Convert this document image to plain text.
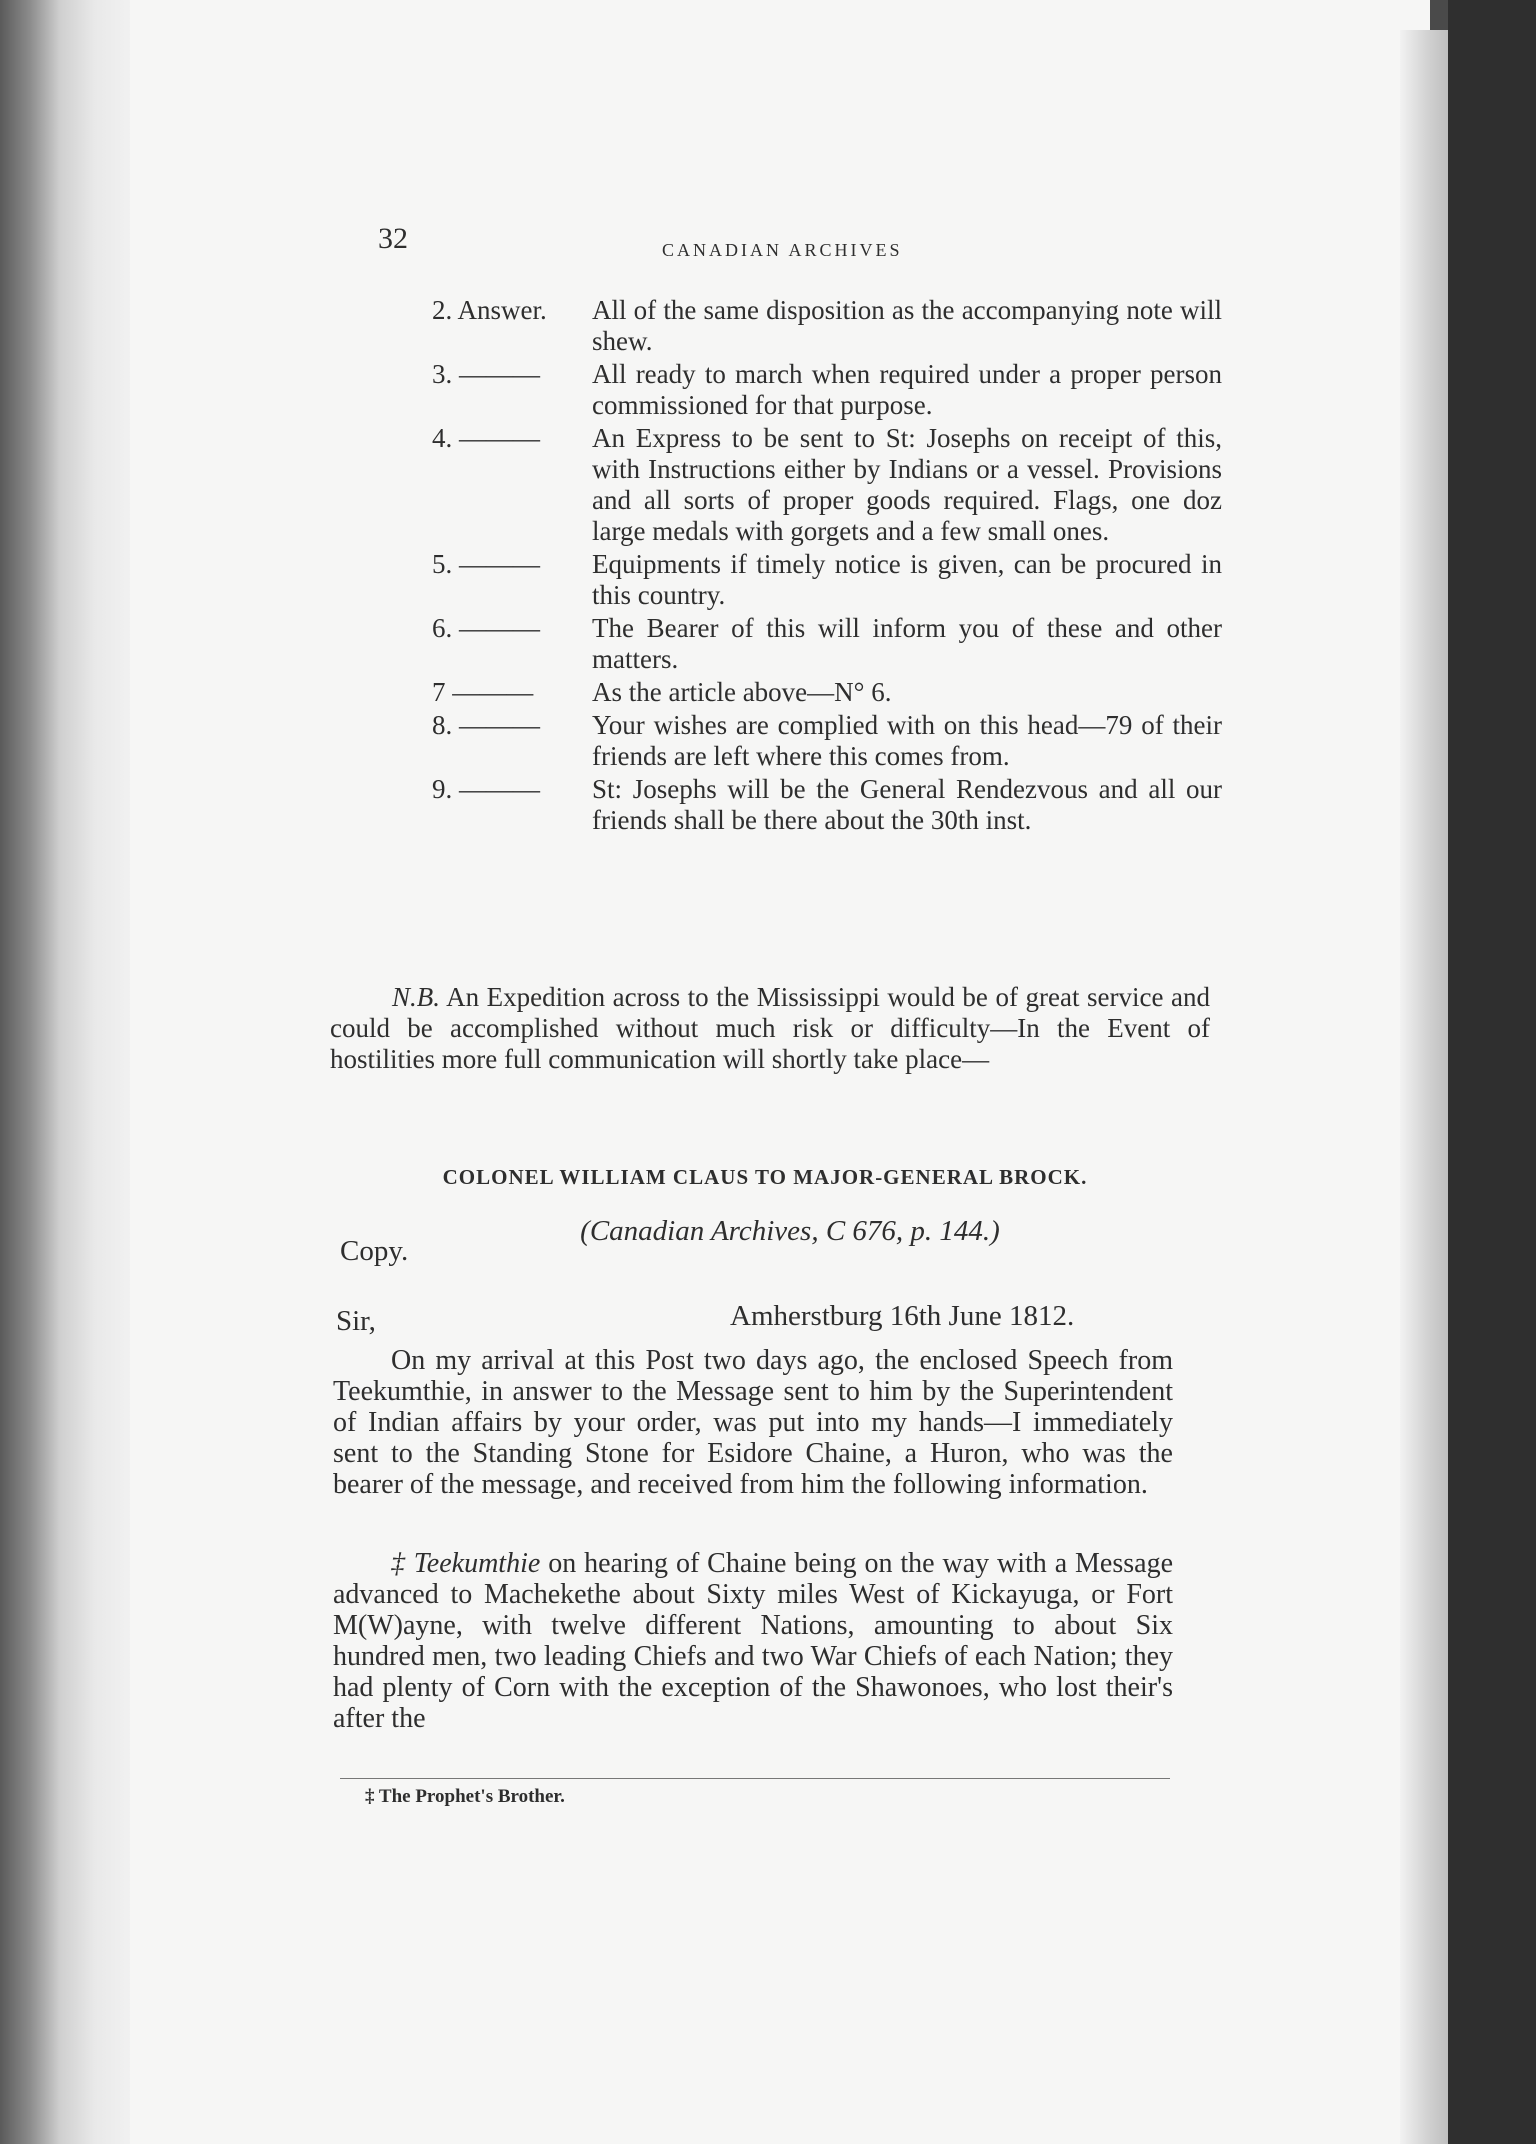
32	CANADIAN ARCHIVES
2. Answer.	All of the same disposition as the accompanying note will shew.
3. ———	All ready to march when required under a proper person commissioned for that purpose.
4. ———	An Express to be sent to St: Josephs on receipt of this, with Instructions either by Indians or a vessel. Provisions and all sorts of proper goods required. Flags, one doz large medals with gorgets and a few small ones.
5. ———	Equipments if timely notice is given, can be procured in this country.
6. ———	The Bearer of this will inform you of these and other matters.
7 ———	As the article above—N° 6.
8. ———	Your wishes are complied with on this head—79 of their friends are left where this comes from.
9. ———	St: Josephs will be the General Rendezvous and all our friends shall be there about the 30th inst.
N.B. An Expedition across to the Mississippi would be of great service and could be accomplished without much risk or difficulty—In the Event of hostilities more full communication will shortly take place—
COLONEL WILLIAM CLAUS TO MAJOR-GENERAL BROCK.
(Canadian Archives, C 676, p. 144.)
Copy.
Amherstburg 16th June 1812.
Sir,
On my arrival at this Post two days ago, the enclosed Speech from Teekumthie, in answer to the Message sent to him by the Superintendent of Indian affairs by your order, was put into my hands—I immediately sent to the Standing Stone for Esidore Chaine, a Huron, who was the bearer of the message, and received from him the following information.
‡ Teekumthie on hearing of Chaine being on the way with a Message advanced to Machekethe about Sixty miles West of Kickayuga, or Fort M(W)ayne, with twelve different Nations, amounting to about Six hundred men, two leading Chiefs and two War Chiefs of each Nation; they had plenty of Corn with the exception of the Shawonoes, who lost their's after the
‡ The Prophet's Brother.
